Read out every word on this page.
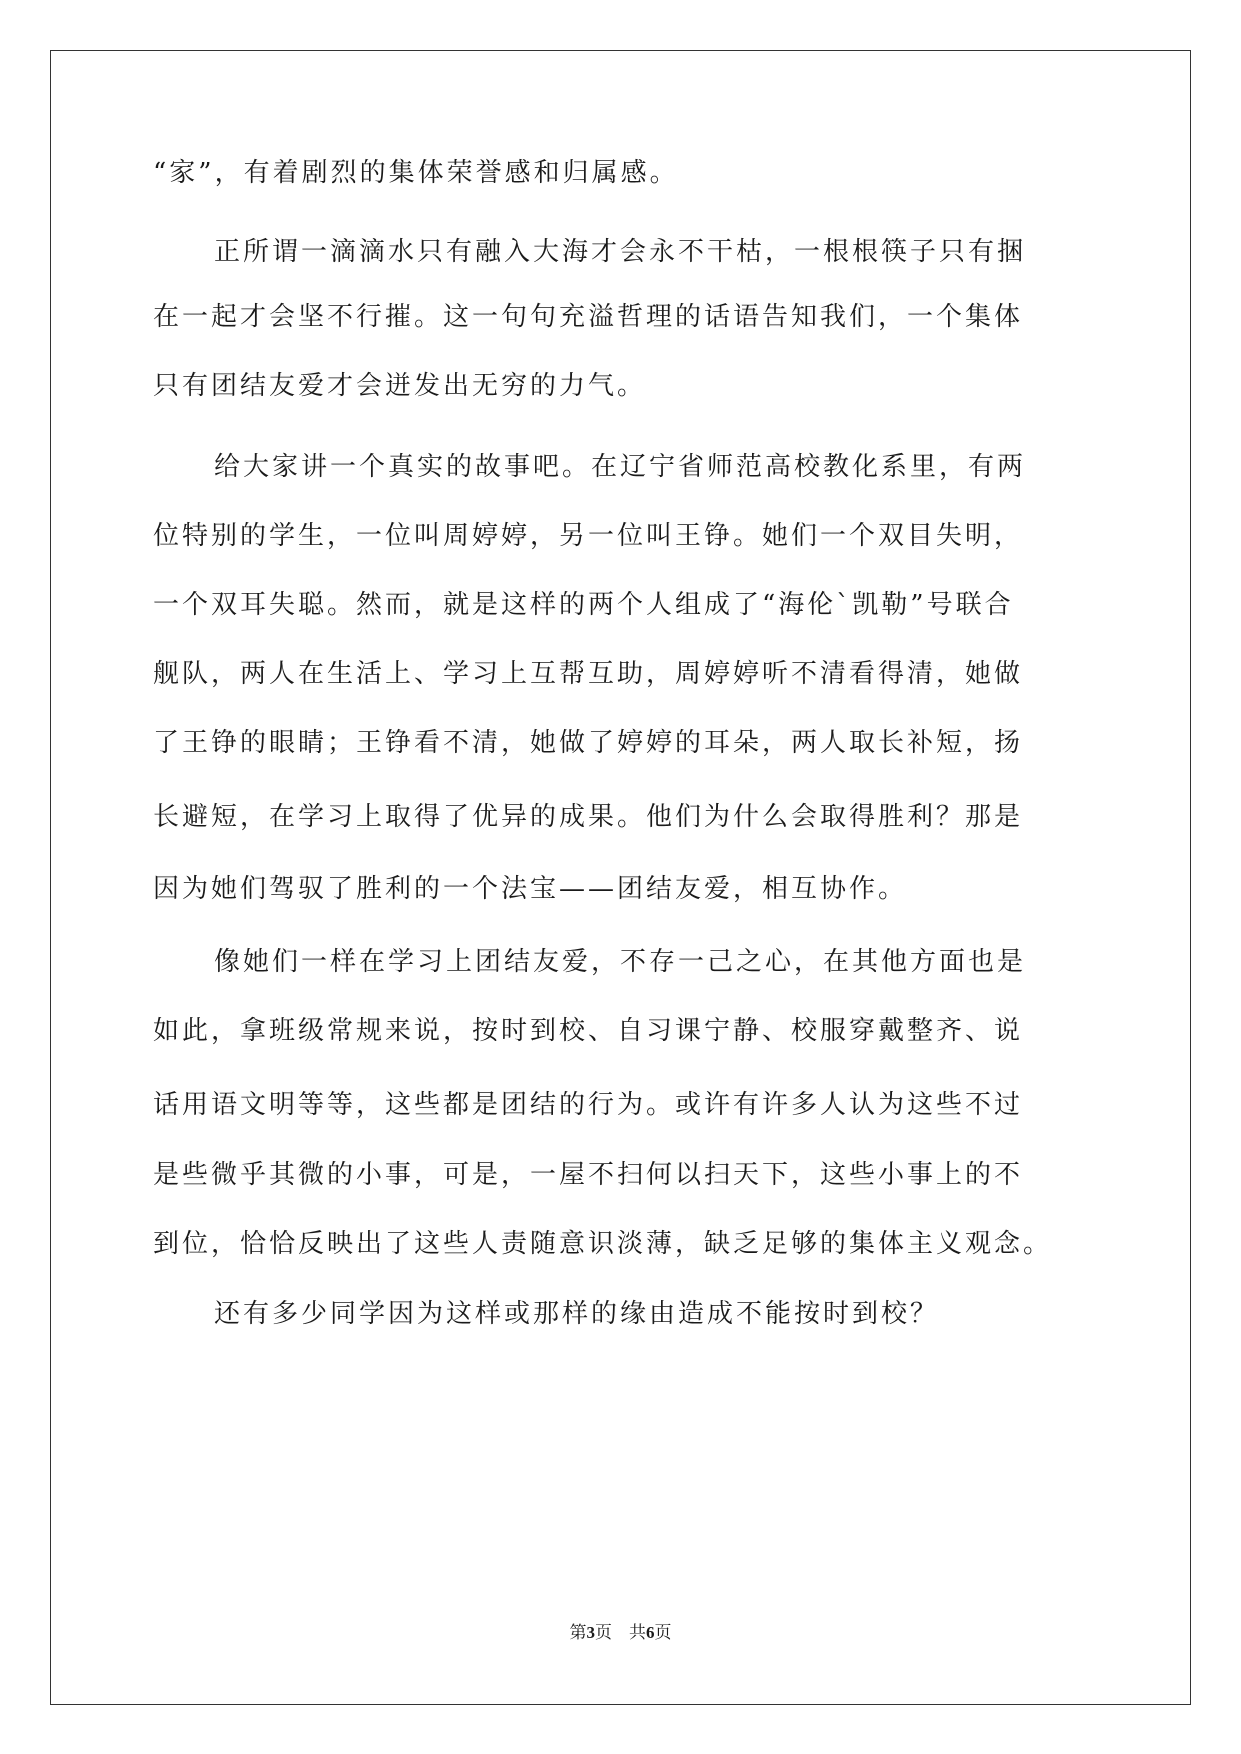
“家”，有着剧烈的集体荣誉感和归属感。
正所谓一滴滴水只有融入大海才会永不干枯，一根根筷子只有捆
在一起才会坚不行摧。这一句句充溢哲理的话语告知我们，一个集体
只有团结友爱才会迸发出无穷的力气。
给大家讲一个真实的故事吧。在辽宁省师范高校教化系里，有两
位特别的学生，一位叫周婷婷，另一位叫王铮。她们一个双目失明，
一个双耳失聪。然而，就是这样的两个人组成了“海伦`凯勒”号联合
舰队，两人在生活上、学习上互帮互助，周婷婷听不清看得清，她做
了王铮的眼睛；王铮看不清，她做了婷婷的耳朵，两人取长补短，扬
长避短，在学习上取得了优异的成果。他们为什么会取得胜利？那是
因为她们驾驭了胜利的一个法宝——团结友爱，相互协作。
像她们一样在学习上团结友爱，不存一己之心，在其他方面也是
如此，拿班级常规来说，按时到校、自习课宁静、校服穿戴整齐、说
话用语文明等等，这些都是团结的行为。或许有许多人认为这些不过
是些微乎其微的小事，可是，一屋不扫何以扫天下，这些小事上的不
到位，恰恰反映出了这些人责随意识淡薄，缺乏足够的集体主义观念。
还有多少同学因为这样或那样的缘由造成不能按时到校？
第3页　共6页
